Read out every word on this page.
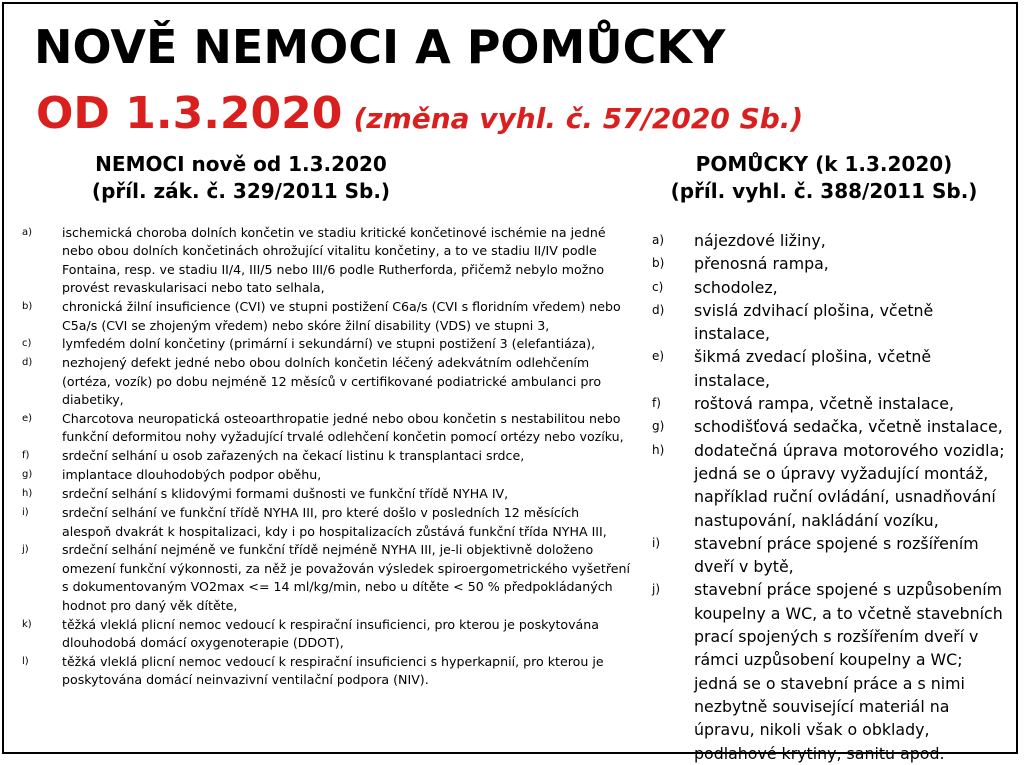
NOVĚ NEMOCI A POMŮCKY
OD 1.3.2020 (změna vyhl. č. 57/2020 Sb.)
NEMOCI nově od 1.3.2020
(příl. zák. č. 329/2011 Sb.)
POMŮCKY (k 1.3.2020)
(příl. vyhl. č. 388/2011 Sb.)
a)	ischemická choroba dolních končetin ve stadiu kritické končetinové ischémie na jedné nebo obou dolních končetinách ohrožující vitalitu končetiny, a to ve stadiu II/IV podle Fontaina, resp. ve stadiu II/4, III/5 nebo III/6 podle Rutherforda, přičemž nebylo možno provést revaskularisaci nebo tato selhala,
b)	chronická žilní insuficience (CVI) ve stupni postižení C6a/s (CVI s floridním vředem) nebo C5a/s (CVI se zhojeným vředem) nebo skóre žilní disability (VDS) ve stupni 3,
c)	lymfedém dolní končetiny (primární i sekundární) ve stupni postižení 3 (elefantiáza),
d)	nezhojený defekt jedné nebo obou dolních končetin léčený adekvátním odlehčením (ortéza, vozík) po dobu nejméně 12 měsíců v certifikované podiatrické ambulanci pro diabetiky,
e)	Charcotova neuropatická osteoarthropatie jedné nebo obou končetin s nestabilitou nebo funkční deformitou nohy vyžadující trvalé odlehčení končetin pomocí ortézy nebo vozíku,
f)	srdeční selhání u osob zařazených na čekací listinu k transplantaci srdce,
g)	implantace dlouhodobých podpor oběhu,
h)	srdeční selhání s klidovými formami dušnosti ve funkční třídě NYHA IV,
i)	srdeční selhání ve funkční třídě NYHA III, pro které došlo v posledních 12 měsících alespoň dvakrát k hospitalizaci, kdy i po hospitalizacích zůstává funkční třída NYHA III,
j)	srdeční selhání nejméně ve funkční třídě nejméně NYHA III, je-li objektivně doloženo omezení funkční výkonnosti, za něž je považován výsledek spiroergometrického vyšetření s dokumentovaným VO2max <= 14 ml/kg/min, nebo u dítěte < 50 % předpokládaných hodnot pro daný věk dítěte,
k)	těžká vleklá plicní nemoc vedoucí k respirační insuficienci, pro kterou je poskytována dlouhodobá domácí oxygenoterapie (DDOT),
l)	těžká vleklá plicní nemoc vedoucí k respirační insuficienci s hyperkapnií, pro kterou je poskytována domácí neinvazivní ventilační podpora (NIV).
a)	nájezdové ližiny,
b)	přenosná rampa,
c)	schodolez,
d)	svislá zdvihací plošina, včetně instalace,
e)	šikmá zvedací plošina, včetně instalace,
f)	roštová rampa, včetně instalace,
g)	schodišťová sedačka, včetně instalace,
h)	dodatečná úprava motorového vozidla; jedná se o úpravy vyžadující montáž, například ruční ovládání, usnadňování nastupování, nakládání vozíku,
i)	stavební práce spojené s rozšířením dveří v bytě,
j)	stavební práce spojené s uzpůsobením koupelny a WC, a to včetně stavebních prací spojených s rozšířením dveří v rámci uzpůsobení koupelny a WC; jedná se o stavební práce a s nimi nezbytně související materiál na úpravu, nikoli však o obklady, podlahové krytiny, sanitu apod.
